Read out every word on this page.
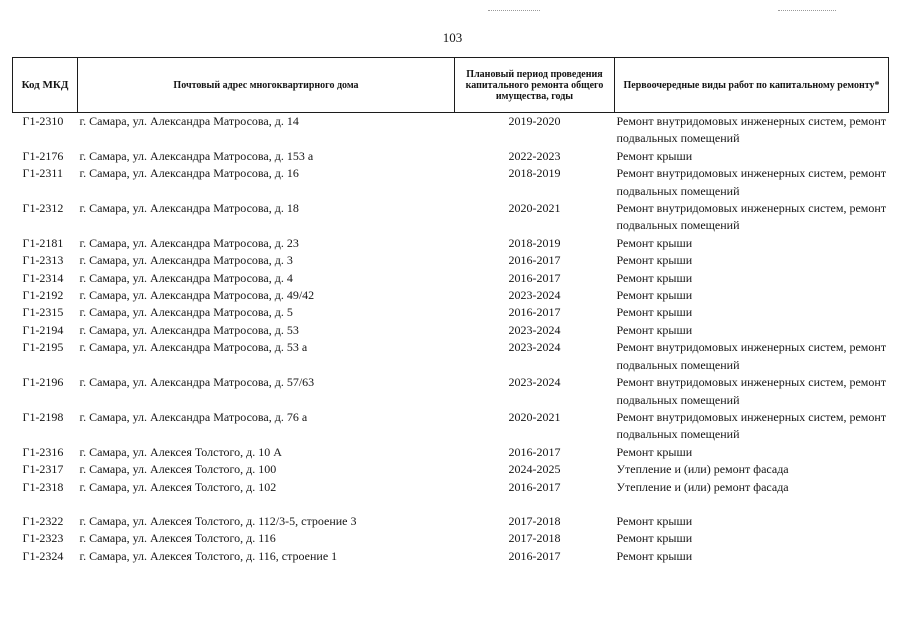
103
Код МКД	Почтовый адрес многоквартирного дома	Плановый период проведения капитального ремонта общего имущества, годы	Первоочередные виды работ по капитальному ремонту*
Г1-2310	г. Самара, ул. Александра Матросова, д. 14	2019-2020	Ремонт внутридомовых инженерных систем, ремонт подвальных помещений
Г1-2176	г. Самара, ул. Александра Матросова, д. 153 а	2022-2023	Ремонт крыши
Г1-2311	г. Самара, ул. Александра Матросова, д. 16	2018-2019	Ремонт внутридомовых инженерных систем, ремонт подвальных помещений
Г1-2312	г. Самара, ул. Александра Матросова, д. 18	2020-2021	Ремонт внутридомовых инженерных систем, ремонт подвальных помещений
Г1-2181	г. Самара, ул. Александра Матросова, д. 23	2018-2019	Ремонт крыши
Г1-2313	г. Самара, ул. Александра Матросова, д. 3	2016-2017	Ремонт крыши
Г1-2314	г. Самара, ул. Александра Матросова, д. 4	2016-2017	Ремонт крыши
Г1-2192	г. Самара, ул. Александра Матросова, д. 49/42	2023-2024	Ремонт крыши
Г1-2315	г. Самара, ул. Александра Матросова, д. 5	2016-2017	Ремонт крыши
Г1-2194	г. Самара, ул. Александра Матросова, д. 53	2023-2024	Ремонт крыши
Г1-2195	г. Самара, ул. Александра Матросова, д. 53 а	2023-2024	Ремонт внутридомовых инженерных систем, ремонт подвальных помещений
Г1-2196	г. Самара, ул. Александра Матросова, д. 57/63	2023-2024	Ремонт внутридомовых инженерных систем, ремонт подвальных помещений
Г1-2198	г. Самара, ул. Александра Матросова, д. 76 а	2020-2021	Ремонт внутридомовых инженерных систем, ремонт подвальных помещений
Г1-2316	г. Самара, ул. Алексея Толстого, д. 10 А	2016-2017	Ремонт крыши
Г1-2317	г. Самара, ул. Алексея Толстого, д. 100	2024-2025	Утепление и (или) ремонт фасада
Г1-2318	г. Самара, ул. Алексея Толстого, д. 102	2016-2017	Утепление и (или) ремонт фасада

Г1-2322	г. Самара, ул. Алексея Толстого, д. 112/3-5, строение 3	2017-2018	Ремонт крыши
Г1-2323	г. Самара, ул. Алексея Толстого, д. 116	2017-2018	Ремонт крыши
Г1-2324	г. Самара, ул. Алексея Толстого, д. 116, строение 1	2016-2017	Ремонт крыши
